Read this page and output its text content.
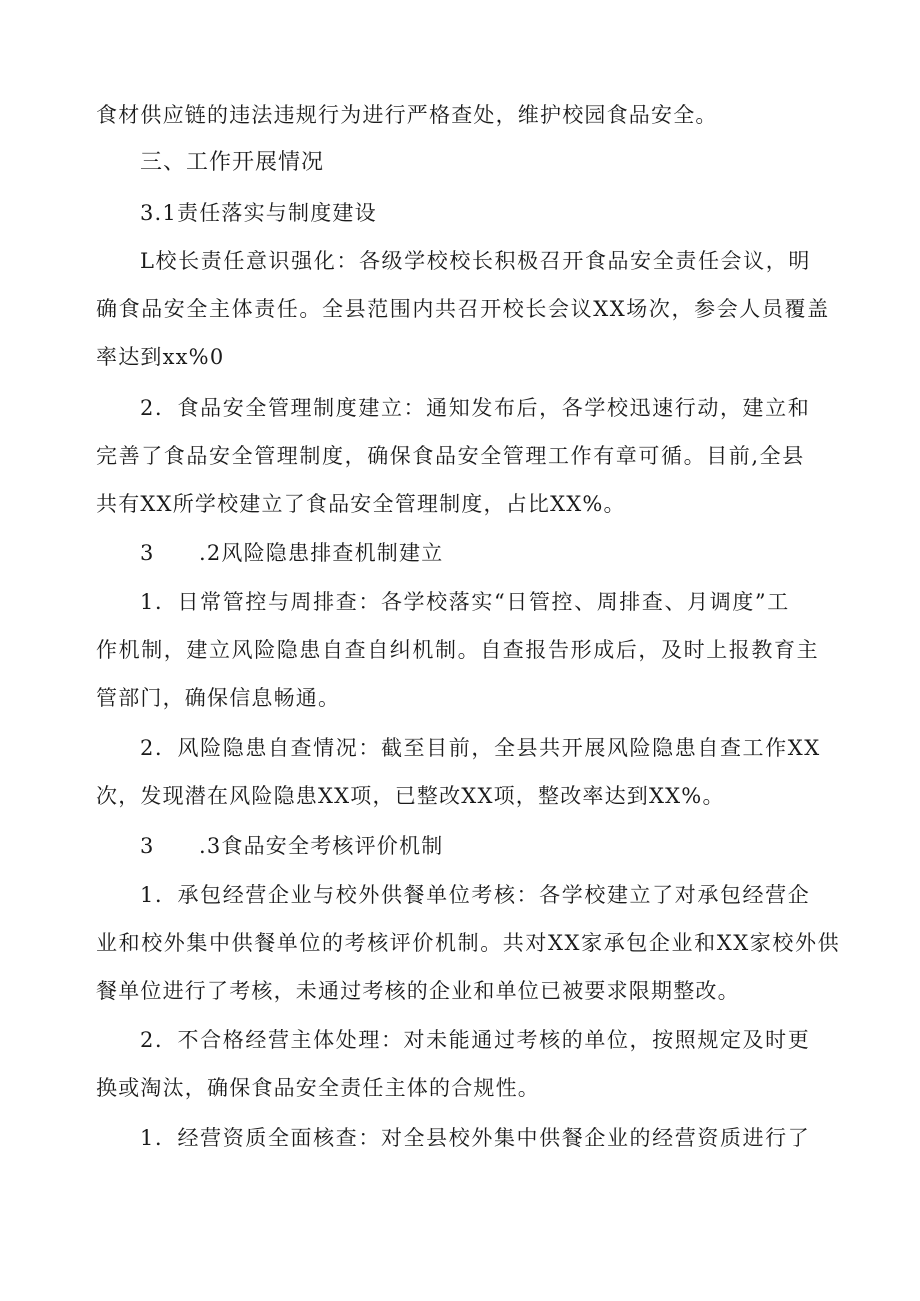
食材供应链的违法违规行为进行严格查处，维护校园食品安全。
三、工作开展情况
3.1责任落实与制度建设
L校长责任意识强化：各级学校校长积极召开食品安全责任会议，明
确食品安全主体责任。全县范围内共召开校长会议XX场次，参会人员覆盖
率达到xx%0
2．食品安全管理制度建立：通知发布后，各学校迅速行动，建立和
完善了食品安全管理制度，确保食品安全管理工作有章可循。目前,全县
共有XX所学校建立了食品安全管理制度，占比XX%。
3　　.2风险隐患排查机制建立
1．日常管控与周排查：各学校落实“日管控、周排查、月调度”工
作机制，建立风险隐患自查自纠机制。自查报告形成后，及时上报教育主
管部门，确保信息畅通。
2．风险隐患自查情况：截至目前，全县共开展风险隐患自查工作XX
次，发现潜在风险隐患XX项，已整改XX项，整改率达到XX%。
3　　.3食品安全考核评价机制
1．承包经营企业与校外供餐单位考核：各学校建立了对承包经营企
业和校外集中供餐单位的考核评价机制。共对XX家承包企业和XX家校外供
餐单位进行了考核，未通过考核的企业和单位已被要求限期整改。
2．不合格经营主体处理：对未能通过考核的单位，按照规定及时更
换或淘汰，确保食品安全责任主体的合规性。
1．经营资质全面核查：对全县校外集中供餐企业的经营资质进行了
